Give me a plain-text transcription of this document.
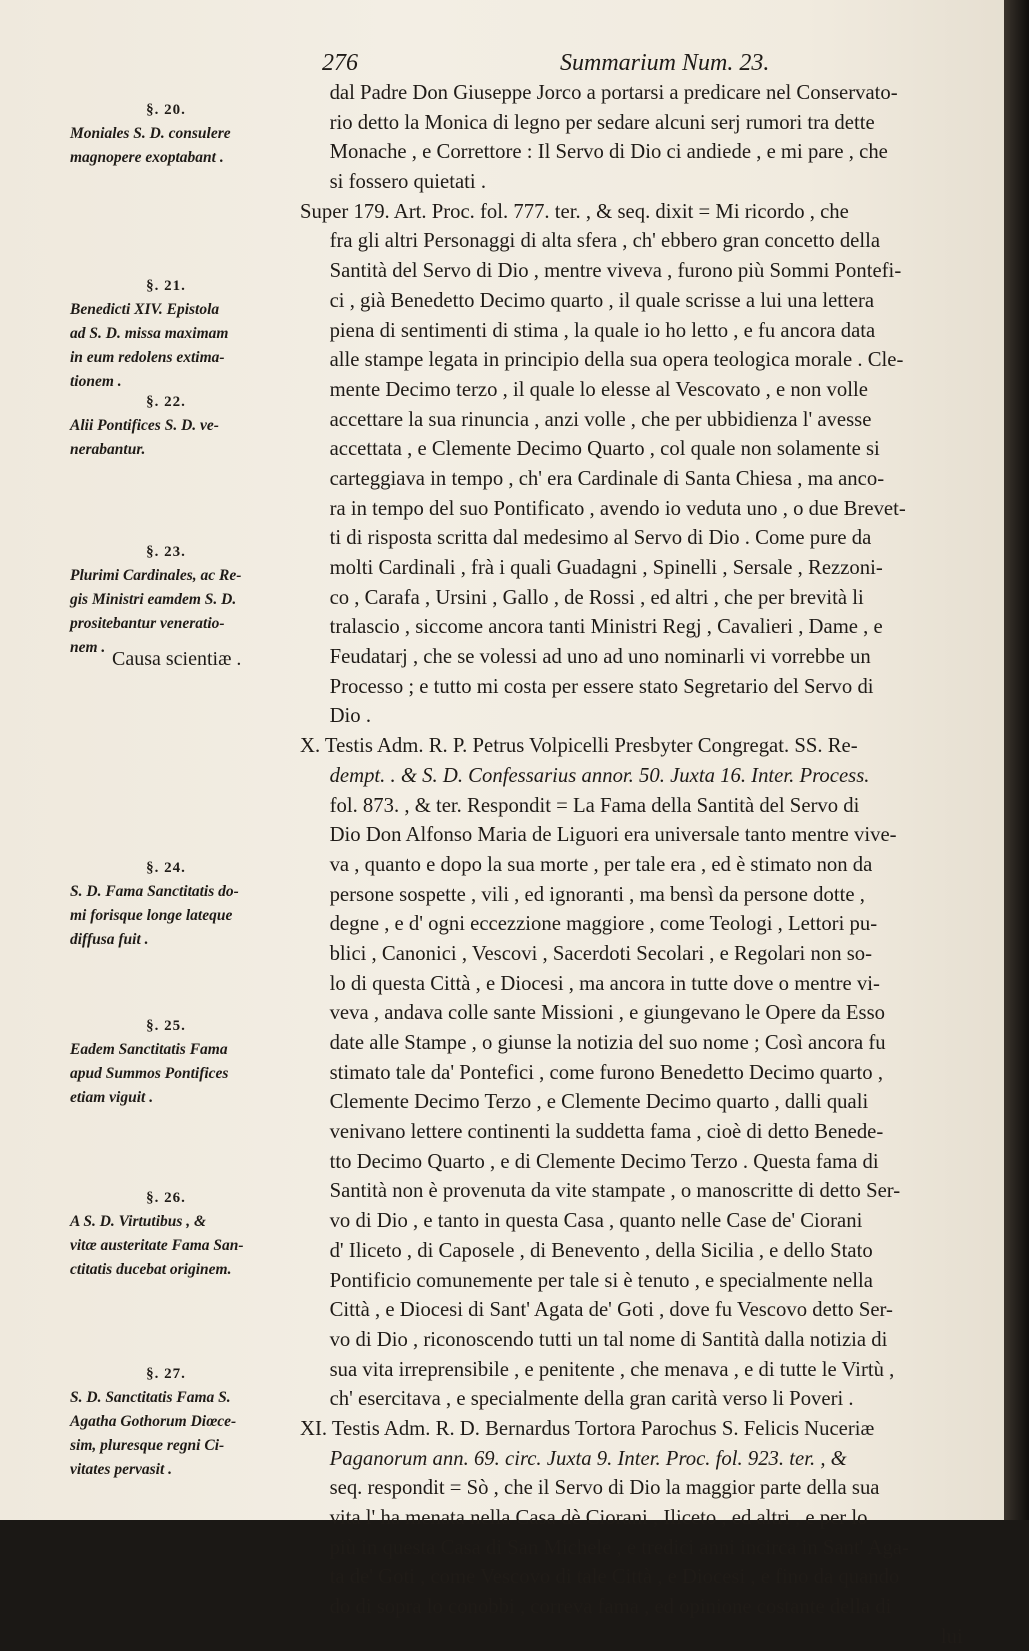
276	Summarium Num. 23.
§. 20.
Moniales S. D. consulere
magnopere exoptabant .
§. 21.
Benedicti XIV. Epistola
ad S. D. missa maximam
in eum redolens extima-
tionem .
§. 22.
Alii Pontifices S. D. ve-
nerabantur.
§. 23.
Plurimi Cardinales, ac Re-
gis Ministri eamdem S. D.
prositebantur veneratio-
nem .
Causa scientiæ .
§. 24.
S. D. Fama Sanctitatis do-
mi forisque longe lateque
diffusa fuit .
§. 25.
Eadem Sanctitatis Fama
apud Summos Pontifices
etiam viguit .
§. 26.
A S. D. Virtutibus , &
vitæ austeritate Fama San-
ctitatis ducebat originem.
§. 27.
S. D. Sanctitatis Fama S.
Agatha Gothorum Diœce-
sim, pluresque regni Ci-
vitates pervasit .
dal Padre Don Giuseppe Jorco a portarsi a predicare nel Conservato-
rio detto la Monica di legno per sedare alcuni serj rumori tra dette
Monache , e Correttore : Il Servo di Dio ci andiede , e mi pare , che
si fossero quietati .
Super 179. Art. Proc. fol. 777. ter. , & seq. dixit = Mi ricordo , che
fra gli altri Personaggi di alta sfera , ch' ebbero gran concetto della
Santità del Servo di Dio , mentre viveva , furono più Sommi Pontefi-
ci , già Benedetto Decimo quarto , il quale scrisse a lui una lettera
piena di sentimenti di stima , la quale io ho letto , e fu ancora data
alle stampe legata in principio della sua opera teologica morale . Cle-
mente Decimo terzo , il quale lo elesse al Vescovato , e non volle
accettare la sua rinuncia , anzi volle , che per ubbidienza l' avesse
accettata , e Clemente Decimo Quarto , col quale non solamente si
carteggiava in tempo , ch' era Cardinale di Santa Chiesa , ma anco-
ra in tempo del suo Pontificato , avendo io veduta uno , o due Brevet-
ti di risposta scritta dal medesimo al Servo di Dio . Come pure da
molti Cardinali , frà i quali Guadagni , Spinelli , Sersale , Rezzoni-
co , Carafa , Ursini , Gallo , de Rossi , ed altri , che per brevità li
tralascio , siccome ancora tanti Ministri Regj , Cavalieri , Dame , e
Feudatarj , che se volessi ad uno ad uno nominarli vi vorrebbe un
Processo ; e tutto mi costa per essere stato Segretario del Servo di
Dio .
X. Testis Adm. R. P. Petrus Volpicelli Presbyter Congregat. SS. Re-
dempt. . & S. D. Confessarius annor. 50. Juxta 16. Inter. Process.
fol. 873. , & ter. Respondit = La Fama della Santità del Servo di
Dio Don Alfonso Maria de Liguori era universale tanto mentre vive-
va , quanto e dopo la sua morte , per tale era , ed è stimato non da
persone sospette , vili , ed ignoranti , ma bensì da persone dotte ,
degne , e d' ogni eccezzione maggiore , come Teologi , Lettori pu-
blici , Canonici , Vescovi , Sacerdoti Secolari , e Regolari non so-
lo di questa Città , e Diocesi , ma ancora in tutte dove o mentre vi-
veva , andava colle sante Missioni , e giungevano le Opere da Esso
date alle Stampe , o giunse la notizia del suo nome ; Così ancora fu
stimato tale da' Pontefici , come furono Benedetto Decimo quarto ,
Clemente Decimo Terzo , e Clemente Decimo quarto , dalli quali
venivano lettere continenti la suddetta fama , cioè di detto Benede-
tto Decimo Quarto , e di Clemente Decimo Terzo . Questa fama di
Santità non è provenuta da vite stampate , o manoscritte di detto Ser-
vo di Dio , e tanto in questa Casa , quanto nelle Case de' Ciorani
d' Iliceto , di Caposele , di Benevento , della Sicilia , e dello Stato
Pontificio comunemente per tale si è tenuto , e specialmente nella
Città , e Diocesi di Sant' Agata de' Goti , dove fu Vescovo detto Ser-
vo di Dio , riconoscendo tutti un tal nome di Santità dalla notizia di
sua vita irreprensibile , e penitente , che menava , e di tutte le Virtù ,
ch' esercitava , e specialmente della gran carità verso li Poveri .
XI. Testis Adm. R. D. Bernardus Tortora Parochus S. Felicis Nuceriæ
Paganorum ann. 69. circ. Juxta 9. Inter. Proc. fol. 923. ter. , &
seq. respondit = Sò , che il Servo di Dio la maggior parte della sua
vita l' ha menata nella Casa dè Ciorani , Iliceto , ed altri , e per lo
più in questa Casa di San Michele , e tredici anni incirca in Sant' Aga-
ta de' Goti , come Vescovo di tale Città , e Diocesi , e fino da quando
do di sopra lo conobbi , correva fama , ed opinione costante della di
lui
